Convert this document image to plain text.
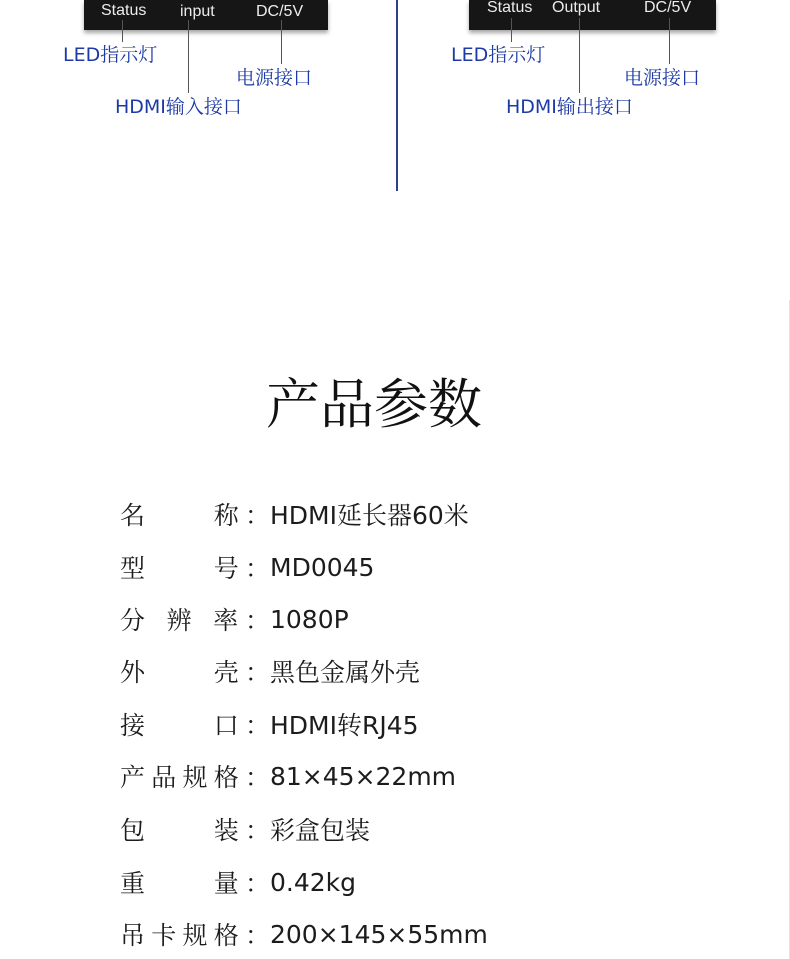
Status input	DC/5V	Status Output	DC/5V
LED指示灯
电源接口
HDMI输入接口
LED指示灯
电源接口
HDMI输出接口
产品参数
名　　称： HDMI延长器60米
型　　号： MD0045
分 辨 率： 1080P
外　　壳： 黑色金属外壳
接　　口： HDMI转RJ45
产品规格： 81×45×22mm
包　　装： 彩盒包装
重　　量： 0.42kg
吊卡规格： 200×145×55mm
